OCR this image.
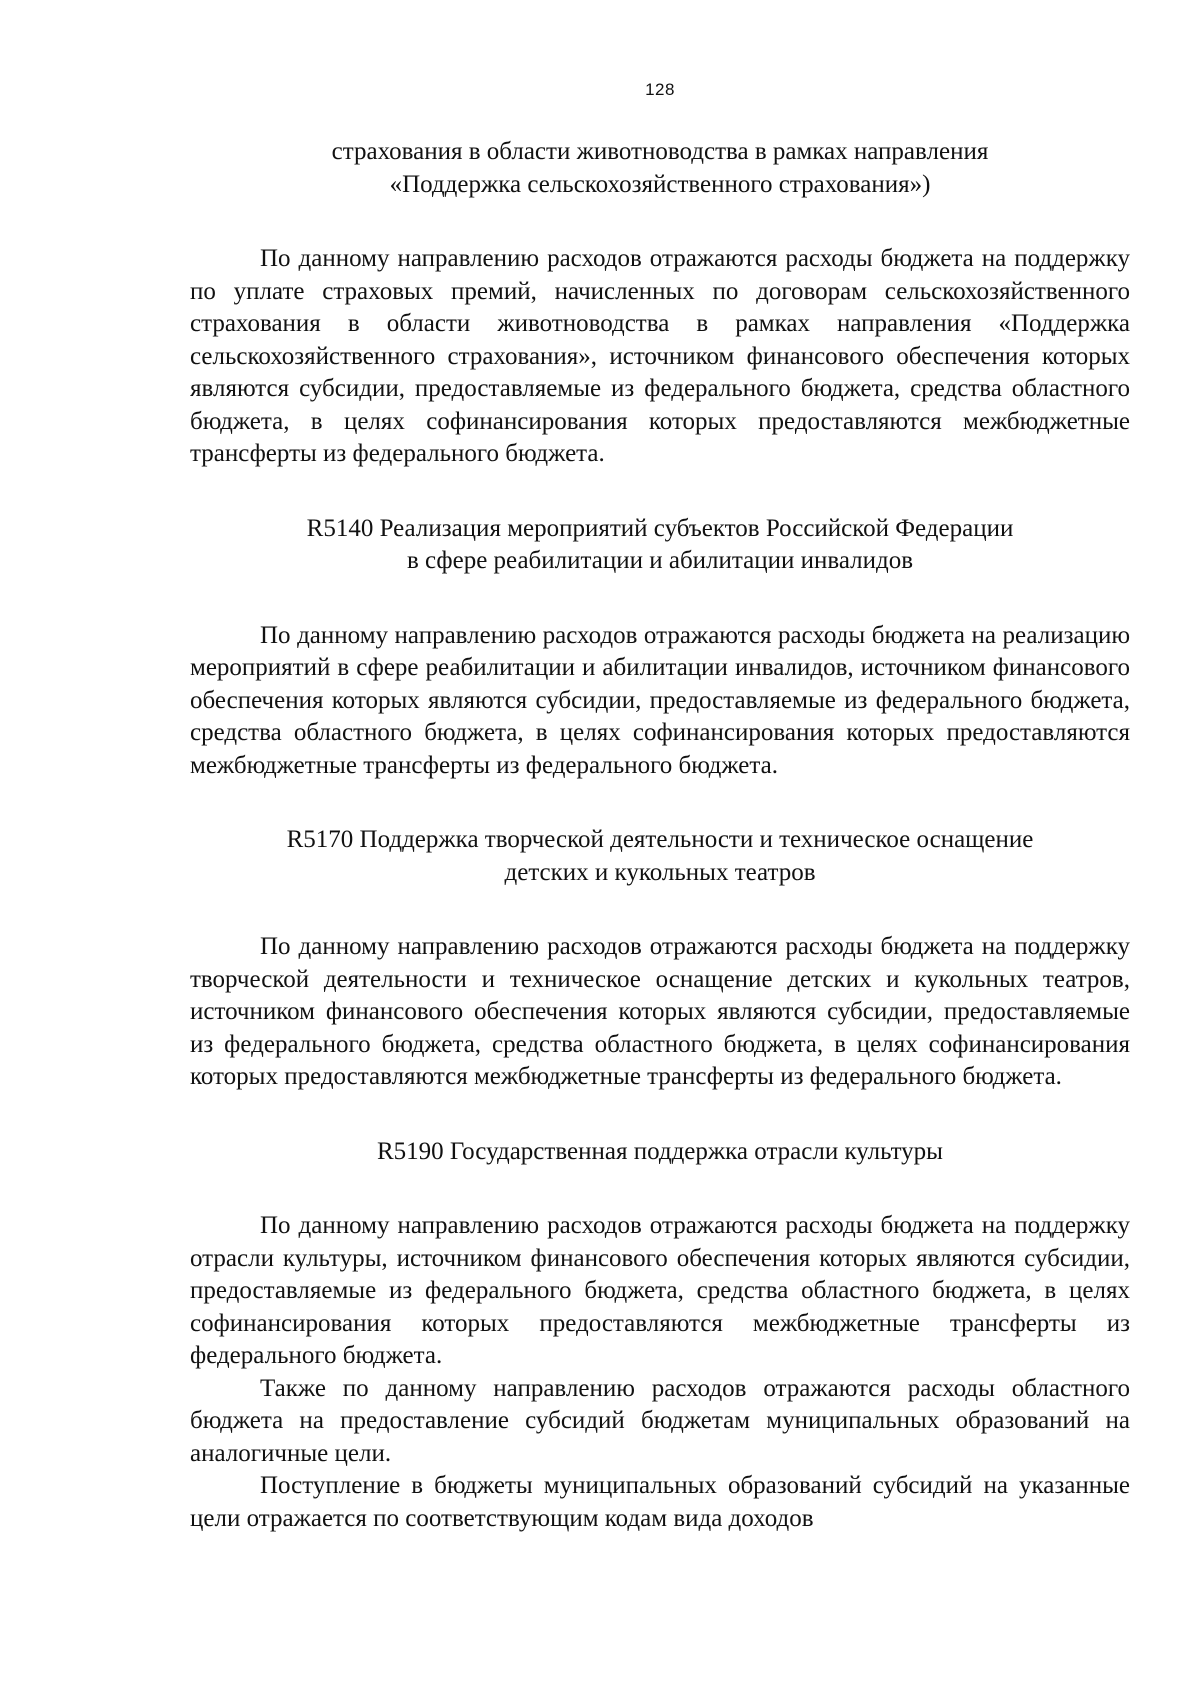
128
страхования в области животноводства в рамках направления
«Поддержка сельскохозяйственного страхования»)

По данному направлению расходов отражаются расходы бюджета на поддержку по уплате страховых премий, начисленных по договорам сельскохозяйственного страхования в области животноводства в рамках направления «Поддержка сельскохозяйственного страхования», источником финансового обеспечения которых являются субсидии, предоставляемые из федерального бюджета, средства областного бюджета, в целях софинансирования которых предоставляются межбюджетные трансферты из федерального бюджета.

R5140 Реализация мероприятий субъектов Российской Федерации
в сфере реабилитации и абилитации инвалидов

По данному направлению расходов отражаются расходы бюджета на реализацию мероприятий в сфере реабилитации и абилитации инвалидов, источником финансового обеспечения которых являются субсидии, предоставляемые из федерального бюджета, средства областного бюджета, в целях софинансирования которых предоставляются межбюджетные трансферты из федерального бюджета.

R5170 Поддержка творческой деятельности и техническое оснащение
детских и кукольных театров

По данному направлению расходов отражаются расходы бюджета на поддержку творческой деятельности и техническое оснащение детских и кукольных театров, источником финансового обеспечения которых являются субсидии, предоставляемые из федерального бюджета, средства областного бюджета, в целях софинансирования которых предоставляются межбюджетные трансферты из федерального бюджета.

R5190 Государственная поддержка отрасли культуры

По данному направлению расходов отражаются расходы бюджета на поддержку отрасли культуры, источником финансового обеспечения которых являются субсидии, предоставляемые из федерального бюджета, средства областного бюджета, в целях софинансирования которых предоставляются межбюджетные трансферты из федерального бюджета.

Также по данному направлению расходов отражаются расходы областного бюджета на предоставление субсидий бюджетам муниципальных образований на аналогичные цели.

Поступление в бюджеты муниципальных образований субсидий на указанные цели отражается по соответствующим кодам вида доходов
